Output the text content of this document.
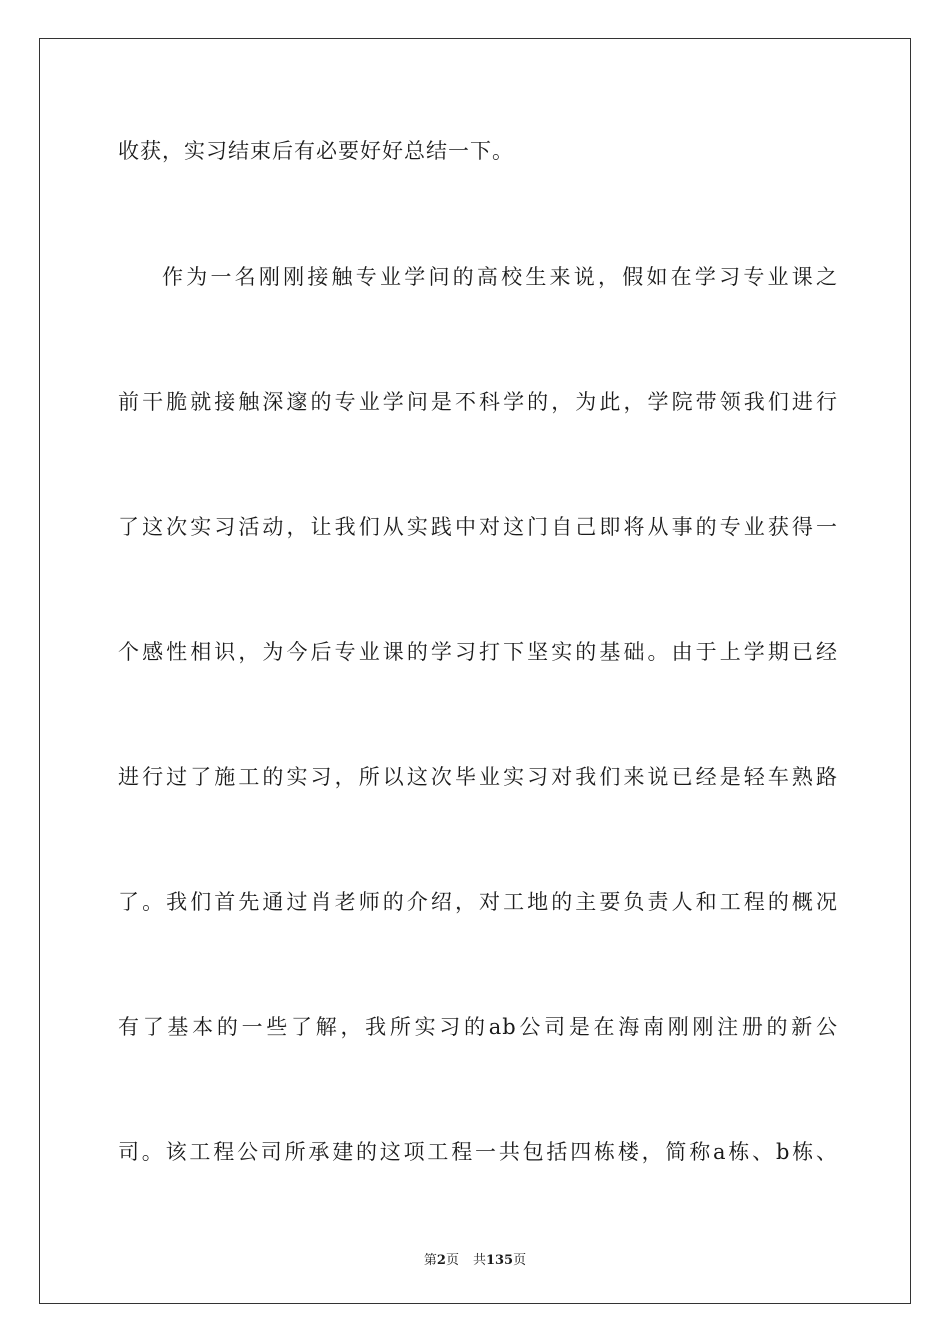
收获，实习结束后有必要好好总结一下。
作为一名刚刚接触专业学问的高校生来说，假如在学习专业课之
前干脆就接触深邃的专业学问是不科学的，为此，学院带领我们进行
了这次实习活动，让我们从实践中对这门自己即将从事的专业获得一
个感性相识，为今后专业课的学习打下坚实的基础。由于上学期已经
进行过了施工的实习，所以这次毕业实习对我们来说已经是轻车熟路
了。我们首先通过肖老师的介绍，对工地的主要负责人和工程的概况
有了基本的一些了解，我所实习的ab公司是在海南刚刚注册的新公
司。该工程公司所承建的这项工程一共包括四栋楼，简称a栋、b栋、
第2页 共135页
